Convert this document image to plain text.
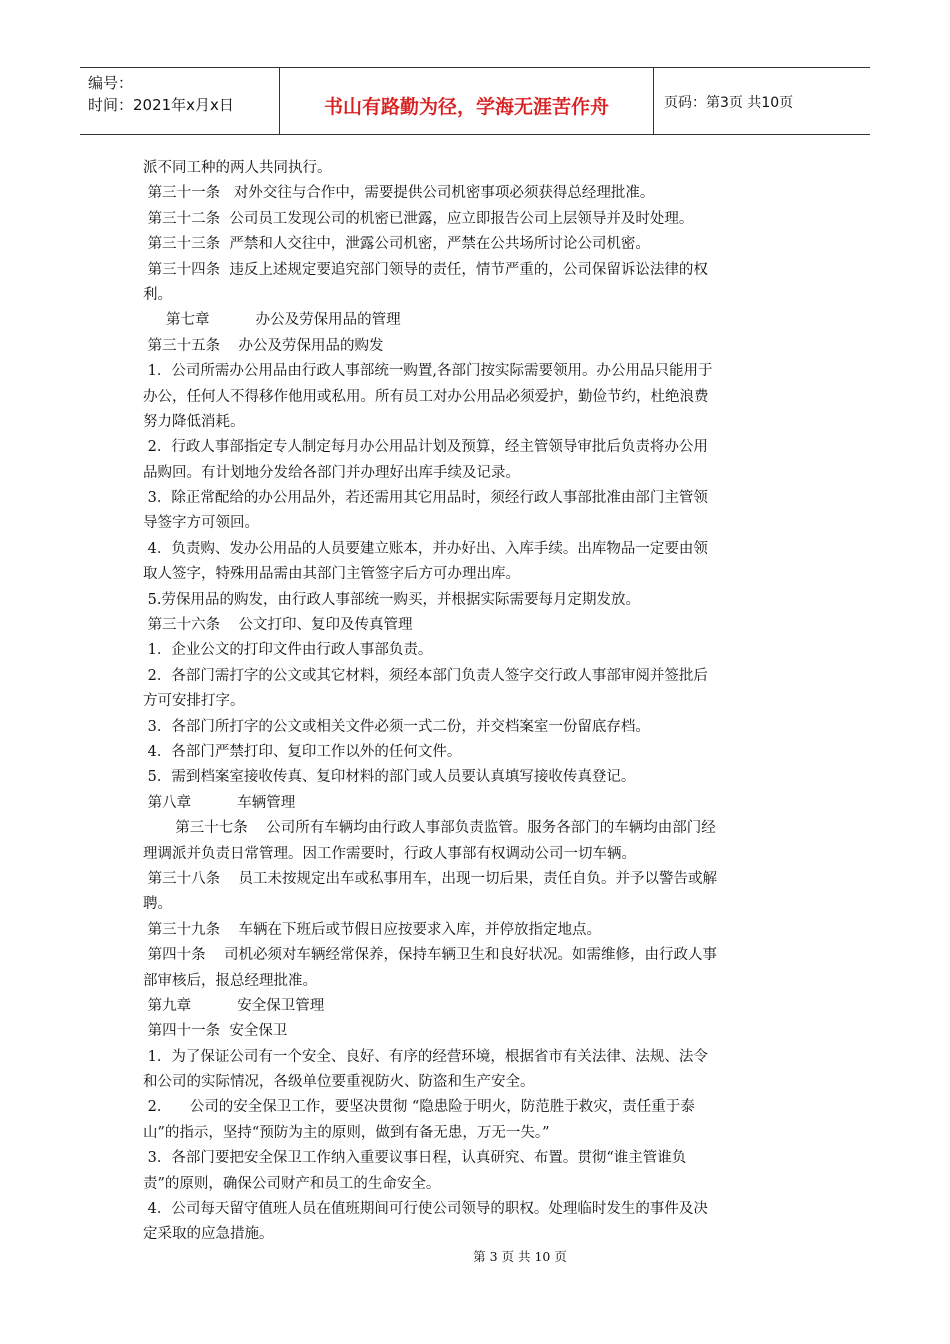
编号：
时间：2021年x月x日	书山有路勤为径，学海无涯苦作舟	页码：第3页 共10页
派不同工种的两人共同执行。
第三十一条   对外交往与合作中，需要提供公司机密事项必须获得总经理批准。
第三十二条  公司员工发现公司的机密已泄露，应立即报告公司上层领导并及时处理。
第三十三条  严禁和人交往中，泄露公司机密，严禁在公共场所讨论公司机密。
第三十四条  违反上述规定要追究部门领导的责任，情节严重的，公司保留诉讼法律的权
利。
第七章          办公及劳保用品的管理
第三十五条    办公及劳保用品的购发
1．公司所需办公用品由行政人事部统一购置,各部门按实际需要领用。办公用品只能用于
办公，任何人不得移作他用或私用。所有员工对办公用品必须爱护，勤俭节约，杜绝浪费
努力降低消耗。
2．行政人事部指定专人制定每月办公用品计划及预算，经主管领导审批后负责将办公用
品购回。有计划地分发给各部门并办理好出库手续及记录。
3．除正常配给的办公用品外，若还需用其它用品时，须经行政人事部批准由部门主管领
导签字方可领回。
4．负责购、发办公用品的人员要建立账本，并办好出、入库手续。出库物品一定要由领
取人签字，特殊用品需由其部门主管签字后方可办理出库。
5.劳保用品的购发，由行政人事部统一购买，并根据实际需要每月定期发放。
第三十六条    公文打印、复印及传真管理
1．企业公文的打印文件由行政人事部负责。
2．各部门需打字的公文或其它材料，须经本部门负责人签字交行政人事部审阅并签批后
方可安排打字。
3．各部门所打字的公文或相关文件必须一式二份，并交档案室一份留底存档。
4．各部门严禁打印、复印工作以外的任何文件。
5．需到档案室接收传真、复印材料的部门或人员要认真填写接收传真登记。
第八章          车辆管理
第三十七条    公司所有车辆均由行政人事部负责监管。服务各部门的车辆均由部门经
理调派并负责日常管理。因工作需要时，行政人事部有权调动公司一切车辆。
第三十八条    员工未按规定出车或私事用车，出现一切后果，责任自负。并予以警告或解
聘。
第三十九条    车辆在下班后或节假日应按要求入库，并停放指定地点。
第四十条    司机必须对车辆经常保养，保持车辆卫生和良好状况。如需维修，由行政人事
部审核后，报总经理批准。
第九章          安全保卫管理
第四十一条  安全保卫
1．为了保证公司有一个安全、良好、有序的经营环境，根据省市有关法律、法规、法令
和公司的实际情况，各级单位要重视防火、防盗和生产安全。
2．    公司的安全保卫工作，要坚决贯彻 “隐患险于明火，防范胜于救灾，责任重于泰
山”的指示，坚持“预防为主的原则，做到有备无患，万无一失。”
3．各部门要把安全保卫工作纳入重要议事日程，认真研究、布置。贯彻“谁主管谁负
责”的原则，确保公司财产和员工的生命安全。
4．公司每天留守值班人员在值班期间可行使公司领导的职权。处理临时发生的事件及决
定采取的应急措施。
第 3 页 共 10 页
